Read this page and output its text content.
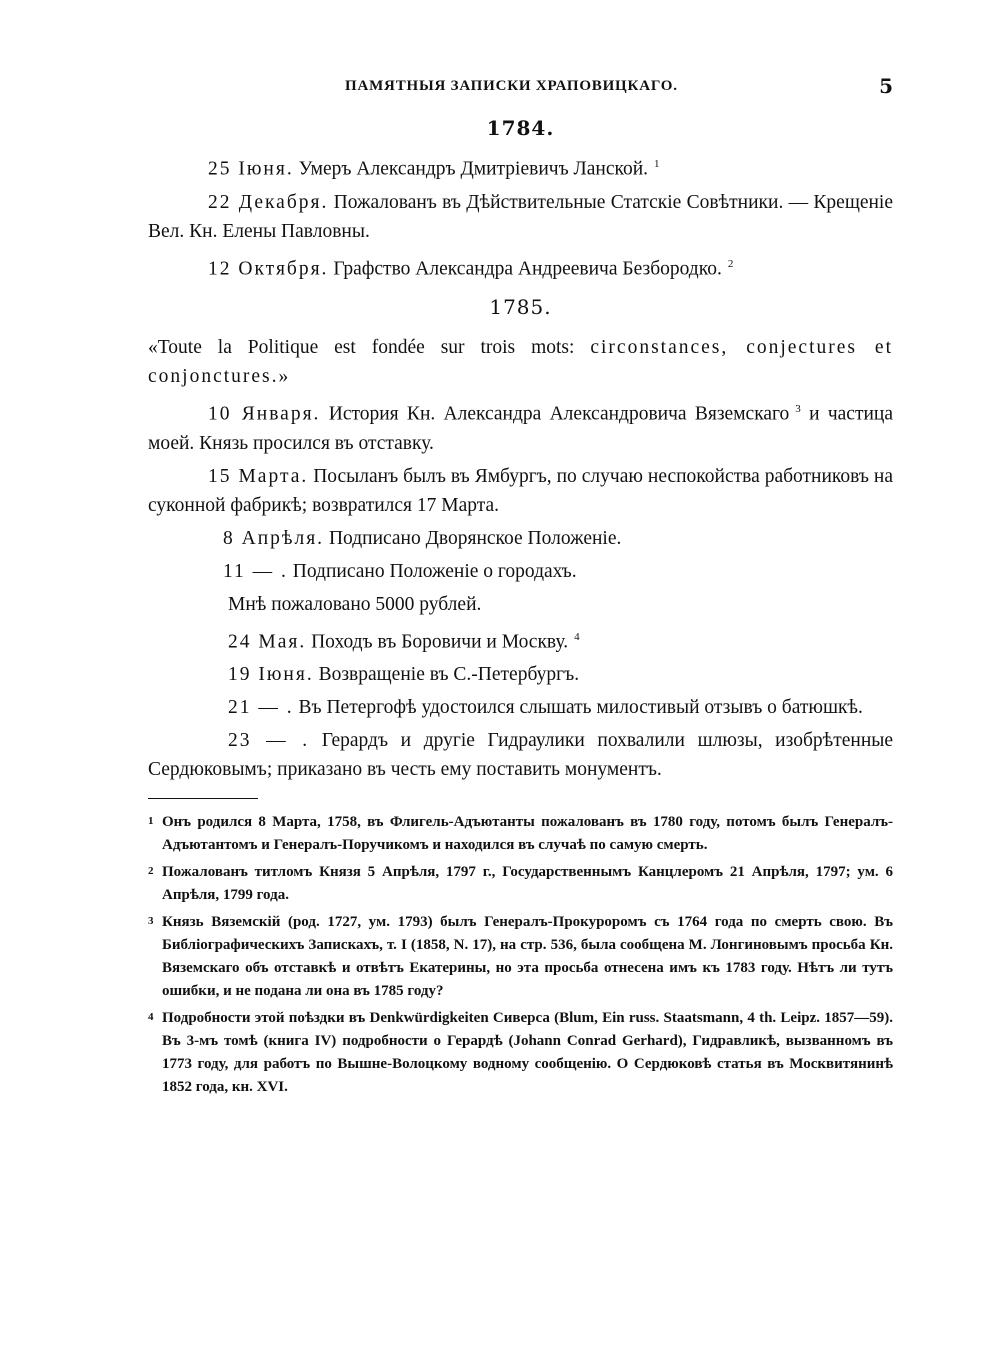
ПАМЯТНЫЯ ЗАПИСКИ ХРАПОВИЦКАГО.	5
1784.

25 Іюня. Умеръ Александръ Дмитріевичъ Ланской. $^1$

22 Декабря. Пожалованъ въ Дѣйствительные Статскіе Совѣтники. — Крещеніе Вел. Кн. Елены Павловны.

12 Октября. Графство Александра Андреевича Безбородко. $^2$

1785.

«Toute la Politique est fondée sur trois mots: circonstances, conjectures et conjonctures.»

10 Января. История Кн. Александра Александровича Вяземскаго $^3$ и частица моей. Князь просился въ отставку.

15 Марта. Посыланъ былъ въ Ямбургъ, по случаю неспокойства работниковъ на суконной фабрикѣ; возвратился 17 Марта.

8 Апрѣля. Подписано Дворянское Положеніе.

11 — . Подписано Положеніе о городахъ.

Мнѣ пожаловано 5000 рублей.

24 Мая. Походъ въ Боровичи и Москву. $^4$

19 Іюня. Возвращеніе въ С.-Петербургъ.

21 — . Въ Петергофѣ удостоился слышать милостивый отзывъ о батюшкѣ.

23 — . Герардъ и другіе Гидраулики похвалили шлюзы, изобрѣтенные Сердюковымъ; приказано въ честь ему поставить монументъ.

1 Онъ родился 8 Марта, 1758, въ Флигель-Адъютанты пожалованъ въ 1780 году, потомъ былъ Генералъ-Адъютантомъ и Генералъ-Поручикомъ и находился въ случаѣ по самую смерть.
2 Пожалованъ титломъ Князя 5 Апрѣля, 1797 г., Государственнымъ Канцлеромъ 21 Апрѣля, 1797; ум. 6 Апрѣля, 1799 года.
3 Князь Вяземскій (род. 1727, ум. 1793) былъ Генералъ-Прокуроромъ съ 1764 года по смерть свою. Въ Библіографическихъ Запискахъ, т. I (1858, N. 17), на стр. 536, была сообщена М. Лонгиновымъ просьба Кн. Вяземскаго объ отставкѣ и отвѣтъ Екатерины, но эта просьба отнесена имъ къ 1783 году. Нѣтъ ли тутъ ошибки, и не подана ли она въ 1785 году?
4 Подробности этой поѣздки въ Denkwürdigkeiten Сиверса (Blum, Ein russ. Staatsmann, 4 th. Leipz. 1857—59). Въ 3-мъ томѣ (книга IV) подробности о Герардѣ (Johann Conrad Gerhard), Гидравликѣ, вызванномъ въ 1773 году, для работъ по Вышне-Волоцкому водному сообщенію. О Сердюковѣ статья въ Москвитянинѣ 1852 года, кн. XVI.
